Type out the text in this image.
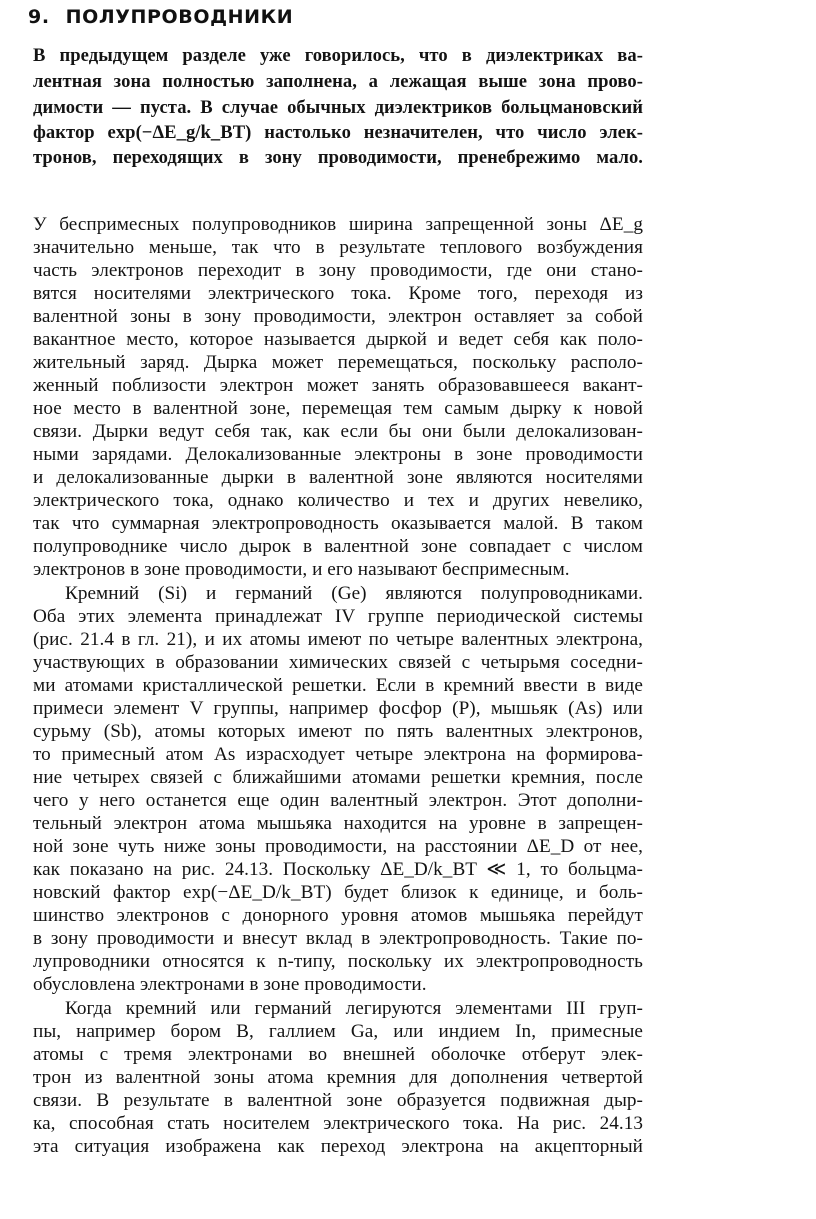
9. ПОЛУПРОВОДНИКИ
В предыдущем разделе уже говорилось, что в диэлектриках ва-
лентная зона полностью заполнена, а лежащая выше зона прово-
димости — пуста. В случае обычных диэлектриков больцмановский
фактор exp(−ΔE_g/k_BT) настолько незначителен, что число элек-
тронов, переходящих в зону проводимости, пренебрежимо мало.
У беспримесных полупроводников ширина запрещенной зоны ΔE_g
значительно меньше, так что в результате теплового возбуждения
часть электронов переходит в зону проводимости, где они стано-
вятся носителями электрического тока. Кроме того, переходя из
валентной зоны в зону проводимости, электрон оставляет за собой
вакантное место, которое называется дыркой и ведет себя как поло-
жительный заряд. Дырка может перемещаться, поскольку располо-
женный поблизости электрон может занять образовавшееся вакант-
ное место в валентной зоне, перемещая тем самым дырку к новой
связи. Дырки ведут себя так, как если бы они были делокализован-
ными зарядами. Делокализованные электроны в зоне проводимости
и делокализованные дырки в валентной зоне являются носителями
электрического тока, однако количество и тех и других невелико,
так что суммарная электропроводность оказывается малой. В таком
полупроводнике число дырок в валентной зоне совпадает с числом
электронов в зоне проводимости, и его называют беспримесным.
Кремний (Si) и германий (Ge) являются полупроводниками.
Оба этих элемента принадлежат IV группе периодической системы
(рис. 21.4 в гл. 21), и их атомы имеют по четыре валентных электрона,
участвующих в образовании химических связей с четырьмя соседни-
ми атомами кристаллической решетки. Если в кремний ввести в виде
примеси элемент V группы, например фосфор (P), мышьяк (As) или
сурьму (Sb), атомы которых имеют по пять валентных электронов,
то примесный атом As израсходует четыре электрона на формирова-
ние четырех связей с ближайшими атомами решетки кремния, после
чего у него останется еще один валентный электрон. Этот дополни-
тельный электрон атома мышьяка находится на уровне в запрещен-
ной зоне чуть ниже зоны проводимости, на расстоянии ΔE_D от нее,
как показано на рис. 24.13. Поскольку ΔE_D/k_BT ≪ 1, то больцма-
новский фактор exp(−ΔE_D/k_BT) будет близок к единице, и боль-
шинство электронов с донорного уровня атомов мышьяка перейдут
в зону проводимости и внесут вклад в электропроводность. Такие по-
лупроводники относятся к n-типу, поскольку их электропроводность
обусловлена электронами в зоне проводимости.
Когда кремний или германий легируются элементами III груп-
пы, например бором B, галлием Ga, или индием In, примесные
атомы с тремя электронами во внешней оболочке отберут элек-
трон из валентной зоны атома кремния для дополнения четвертой
связи. В результате в валентной зоне образуется подвижная дыр-
ка, способная стать носителем электрического тока. На рис. 24.13
эта ситуация изображена как переход электрона на акцепторный
